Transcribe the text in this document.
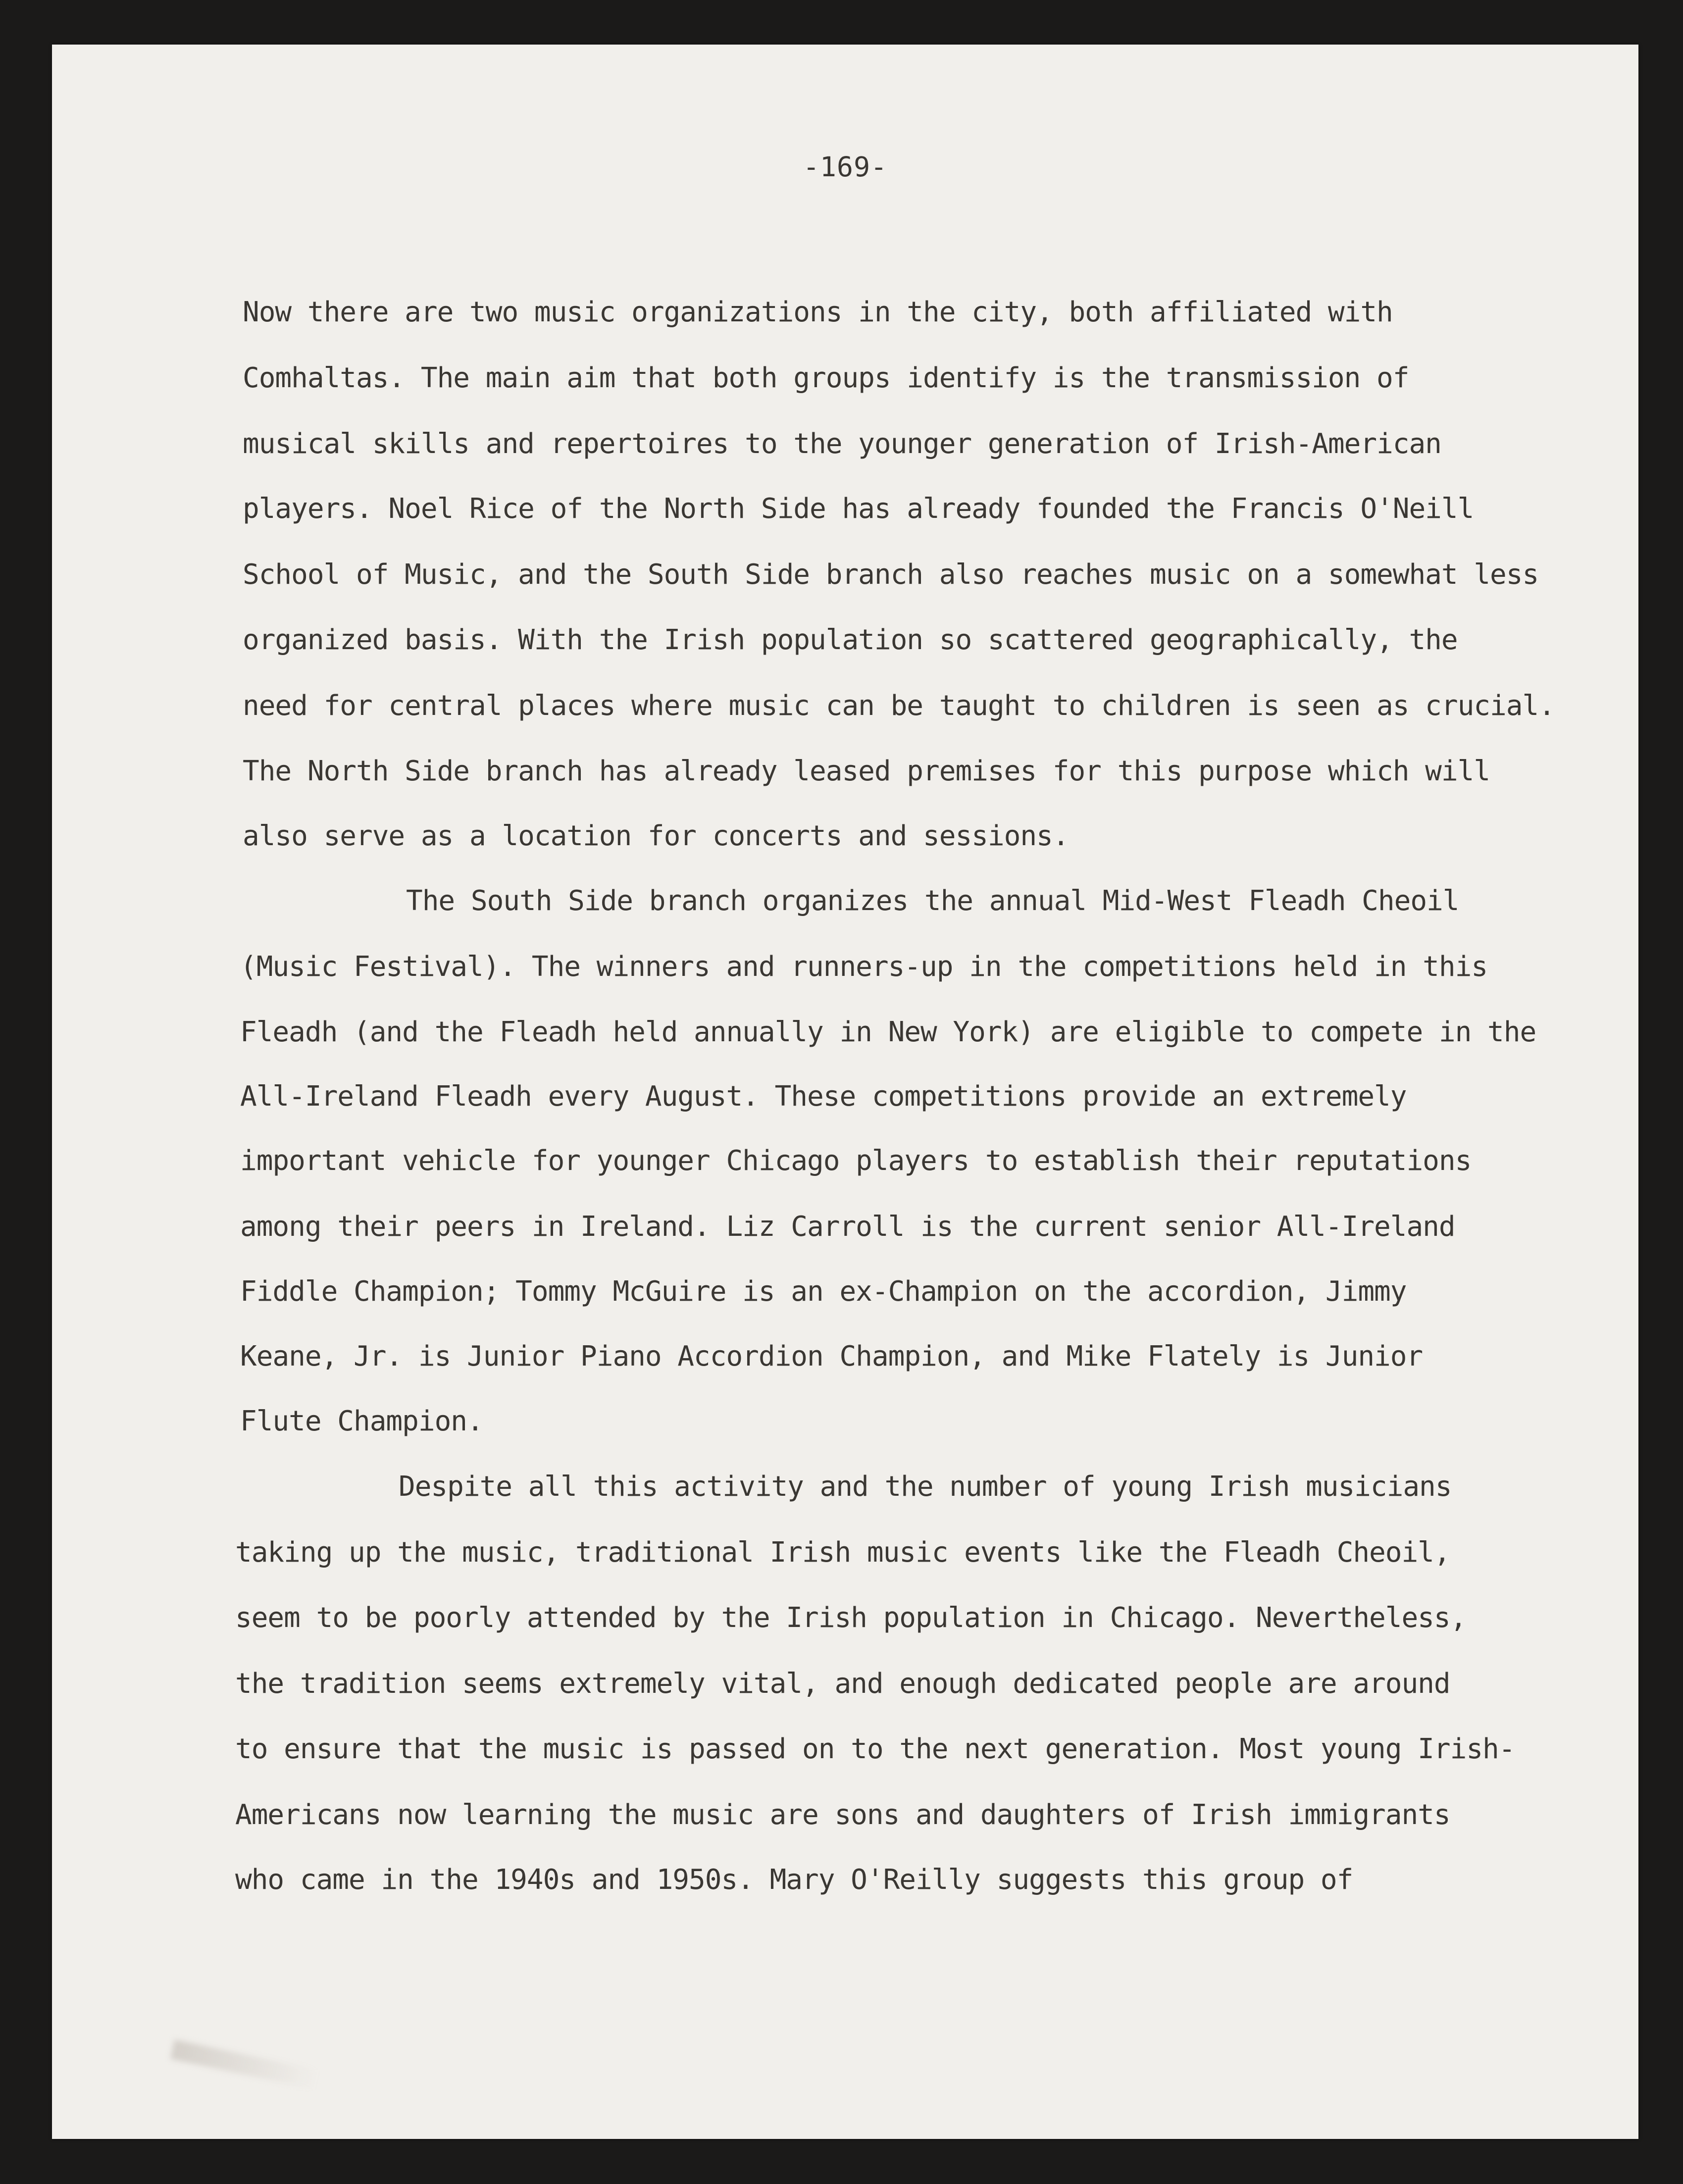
-169-
Now there are two music organizations in the city, both affiliated with
Comhaltas. The main aim that both groups identify is the transmission of
musical skills and repertoires to the younger generation of Irish-American
players. Noel Rice of the North Side has already founded the Francis O'Neill
School of Music, and the South Side branch also reaches music on a somewhat less
organized basis. With the Irish population so scattered geographically, the
need for central places where music can be taught to children is seen as crucial.
The North Side branch has already leased premises for this purpose which will
also serve as a location for concerts and sessions.
The South Side branch organizes the annual Mid-West Fleadh Cheoil
(Music Festival). The winners and runners-up in the competitions held in this
Fleadh (and the Fleadh held annually in New York) are eligible to compete in the
All-Ireland Fleadh every August. These competitions provide an extremely
important vehicle for younger Chicago players to establish their reputations
among their peers in Ireland. Liz Carroll is the current senior All-Ireland
Fiddle Champion; Tommy McGuire is an ex-Champion on the accordion, Jimmy
Keane, Jr. is Junior Piano Accordion Champion, and Mike Flately is Junior
Flute Champion.
Despite all this activity and the number of young Irish musicians
taking up the music, traditional Irish music events like the Fleadh Cheoil,
seem to be poorly attended by the Irish population in Chicago. Nevertheless,
the tradition seems extremely vital, and enough dedicated people are around
to ensure that the music is passed on to the next generation. Most young Irish-
Americans now learning the music are sons and daughters of Irish immigrants
who came in the 1940s and 1950s. Mary O'Reilly suggests this group of
